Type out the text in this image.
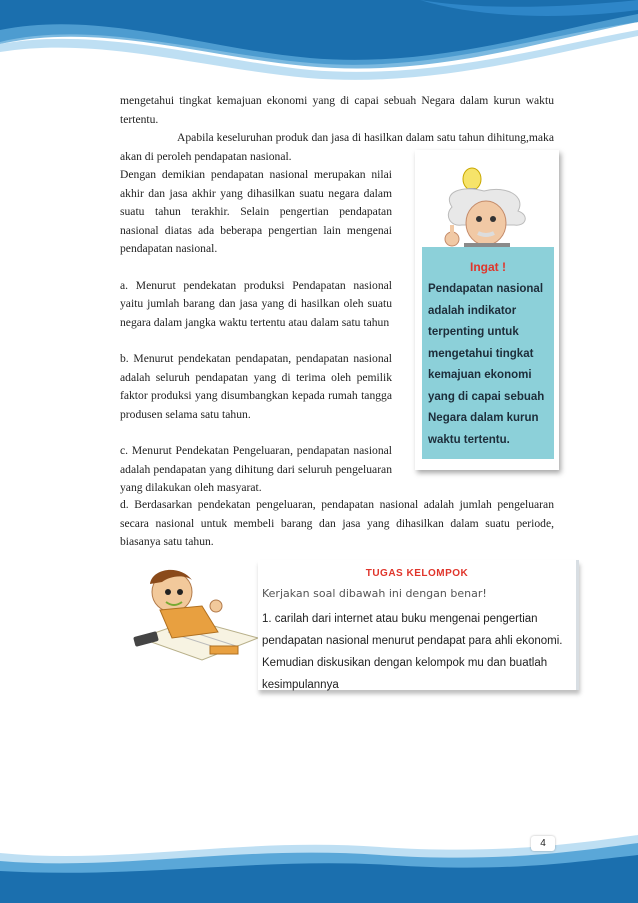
mengetahui tingkat kemajuan ekonomi yang di capai sebuah Negara dalam kurun waktu tertentu.

Apabila keseluruhan produk dan jasa di hasilkan dalam satu tahun dihitung,maka akan di peroleh pendapatan nasional.

Dengan demikian pendapatan nasional merupakan nilai akhir dan jasa akhir yang dihasilkan suatu negara dalam suatu tahun terakhir. Selain pengertian pendapatan nasional diatas ada beberapa pengertian lain mengenai pendapatan nasional.

a. Menurut pendekatan produksi Pendapatan nasional yaitu jumlah barang dan jasa yang di hasilkan oleh suatu negara dalam jangka waktu tertentu atau dalam satu tahun

b. Menurut pendekatan pendapatan, pendapatan nasional adalah seluruh pendapatan yang di terima oleh pemilik faktor produksi yang disumbangkan kepada rumah tangga produsen selama satu tahun.

c. Menurut Pendekatan Pengeluaran, pendapatan nasional adalah pendapatan yang dihitung dari seluruh pengeluaran yang dilakukan oleh masyarat.

d. Berdasarkan pendekatan pengeluaran, pendapatan nasional adalah jumlah pengeluaran secara nasional untuk membeli barang dan jasa yang dihasilkan dalam suatu periode, biasanya satu tahun.

Ingat !
Pendapatan nasional adalah indikator terpenting untuk mengetahui tingkat kemajuan ekonomi yang di capai sebuah Negara dalam kurun waktu tertentu.
TUGAS KELOMPOK
Kerjakan soal dibawah ini dengan benar!
1. carilah dari internet atau buku mengenai pengertian pendapatan nasional menurut pendapat para ahli ekonomi. Kemudian diskusikan dengan kelompok mu dan buatlah kesimpulannya
4
